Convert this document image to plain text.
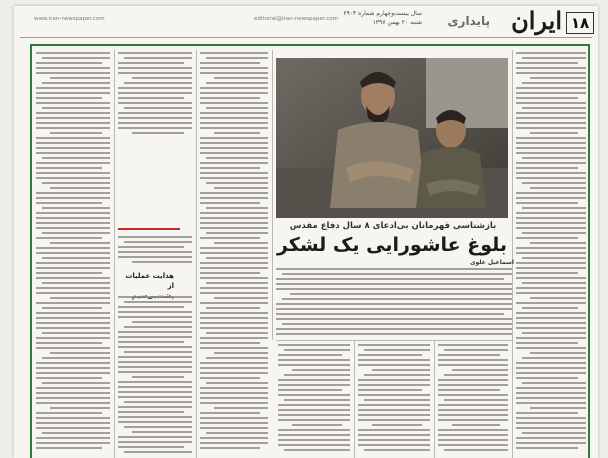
۱۸
ایران
پایداری
سال بیست‌وچهارم شماره ۶۹۰۴
شنبه ۲۰ بهمن ۱۳۹۷
editorial@iran-newspaper.com
www.iran-newspaper.com
هدایت عملیات از
بازشناسی قهرمانان بی‌ادعای ۸ سال دفاع مقدس
بلوغ عاشورایی یک لشکر
اسماعیل علوی
